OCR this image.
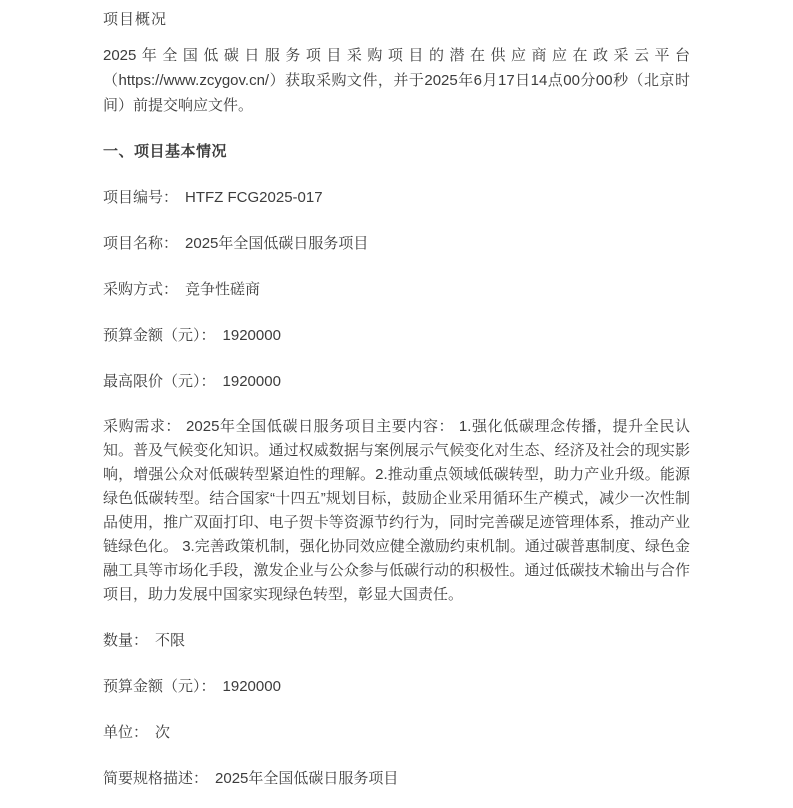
项目概况

2025年全国低碳日服务项目采购项目的潜在供应商应在政采云平台（https://www.zcygov.cn/）获取采购文件，并于2025年6月17日14点00分00秒（北京时间）前提交响应文件。

一、项目基本情况

项目编号： HTFZ FCG2025-017

项目名称： 2025年全国低碳日服务项目

采购方式： 竞争性磋商

预算金额（元）： 1920000

最高限价（元）： 1920000

采购需求： 2025年全国低碳日服务项目主要内容： 1.强化低碳理念传播，提升全民认知。普及气候变化知识。通过权威数据与案例展示气候变化对生态、经济及社会的现实影响，增强公众对低碳转型紧迫性的理解。2.推动重点领域低碳转型，助力产业升级。能源绿色低碳转型。结合国家“十四五”规划目标，鼓励企业采用循环生产模式，减少一次性制品使用，推广双面打印、电子贺卡等资源节约行为，同时完善碳足迹管理体系，推动产业链绿色化。 3.完善政策机制，强化协同效应健全激励约束机制。通过碳普惠制度、绿色金融工具等市场化手段，激发企业与公众参与低碳行动的积极性。通过低碳技术输出与合作项目，助力发展中国家实现绿色转型，彰显大国责任。

数量： 不限

预算金额（元）： 1920000

单位： 次

简要规格描述： 2025年全国低碳日服务项目
